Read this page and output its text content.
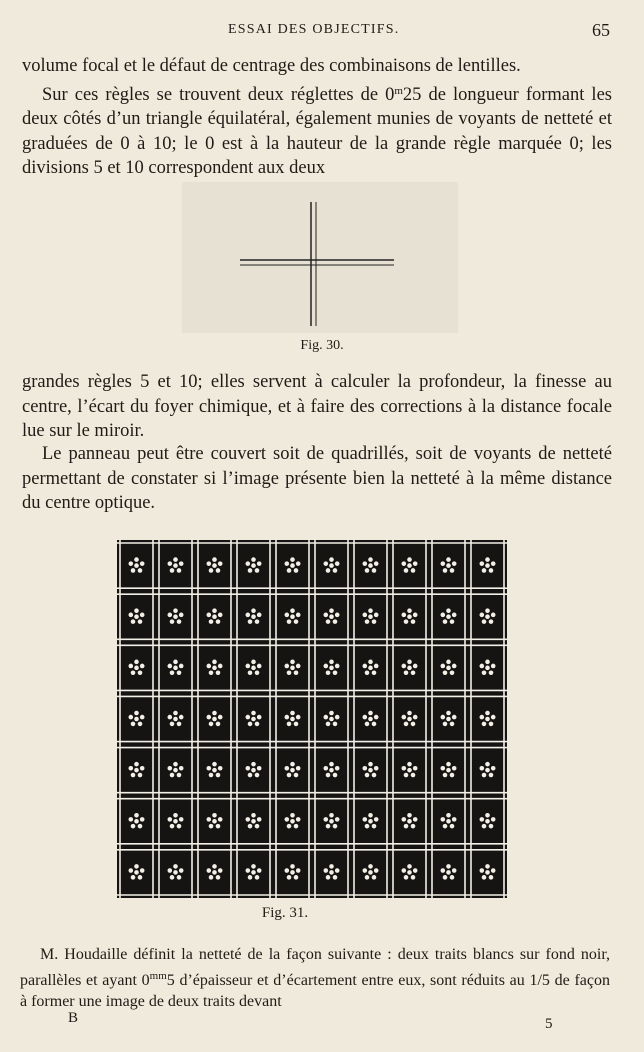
ESSAI DES OBJECTIFS.	65
volume focal et le défaut de centrage des combinaisons de lentilles.
Sur ces règles se trouvent deux réglettes de 0$^m$25 de longueur formant les deux côtés d’un triangle équilatéral, également munies de voyants de netteté et graduées de 0 à 10; le 0 est à la hauteur de la grande règle marquée 0; les divisions 5 et 10 correspondent aux deux
Fig. 30.
grandes règles 5 et 10; elles servent à calculer la profondeur, la finesse au centre, l’écart du foyer chimique, et à faire des corrections à la distance focale lue sur le miroir.
Le panneau peut être couvert soit de quadrillés, soit de voyants de netteté permettant de constater si l’image présente bien la netteté à la même distance du centre optique.
Fig. 31.
M. Houdaille définit la netteté de la façon suivante : deux traits blancs sur fond noir, parallèles et ayant $0^{mm}5$ d’épaisseur et d’écartement entre eux, sont réduits au 1/5 de façon à former une image de deux traits devant
B	5
